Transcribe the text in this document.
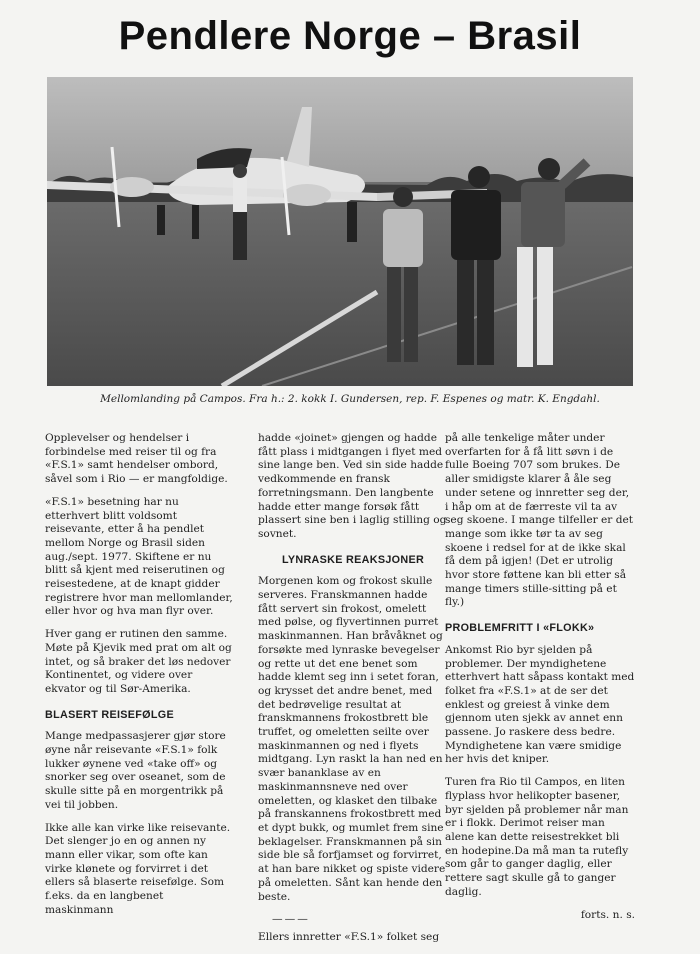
Pendlere Norge – Brasil
Mellomlanding på Campos. Fra h.: 2. kokk I. Gundersen, rep. F. Espenes og matr. K. Engdahl.

Opplevelser og hendelser i forbindelse med reiser til og fra «F.S.1» samt hendelser ombord, såvel som i Rio — er mangfoldige.

«F.S.1» besetning har nu etterhvert blitt voldsomt reisevante, etter å ha pendlet mellom Norge og Brasil siden aug./sept. 1977. Skiftene er nu blitt så kjent med reiserutinen og reisestedene, at de knapt gidder registrere hvor man mellomlander, eller hvor og hva man flyr over.

Hver gang er rutinen den samme. Møte på Kjevik med prat om alt og intet, og så braker det løs nedover Kontinentet, og videre over ekvator og til Sør-Amerika.

BLASERT REISEFØLGE

Mange medpassasjerer gjør store øyne når reisevante «F.S.1» folk lukker øynene ved «take off» og snorker seg over oseanet, som de skulle sitte på en morgentrikk på vei til jobben.

Ikke alle kan virke like reisevante. Det slenger jo en og annen ny mann eller vikar, som ofte kan virke klønete og forvirret i det ellers så blaserte reisefølge. Som f.eks. da en langbenet maskinmann

hadde «joinet» gjengen og hadde fått plass i midtgangen i flyet med sine lange ben. Ved sin side hadde vedkommende en fransk forretningsmann. Den langbente hadde etter mange forsøk fått plassert sine ben i laglig stilling og sovnet.

LYNRASKE REAKSJONER

Morgenen kom og frokost skulle serveres. Franskmannen hadde fått servert sin frokost, omelett med pølse, og flyvertinnen purret maskinmannen. Han bråvåknet og forsøkte med lynraske bevegelser og rette ut det ene benet som hadde klemt seg inn i setet foran, og krysset det andre benet, med det bedrøvelige resultat at franskmannens frokostbrett ble truffet, og omeletten seilte over maskinmannen og ned i flyets midtgang. Lyn raskt la han ned en svær bananklase av en maskinmannsneve ned over omeletten, og klasket den tilbake på franskannens frokostbrett med et dypt bukk, og mumlet frem sine beklagelser. Franskmannen på sin side ble så forfjamset og forvirret, at han bare nikket og spiste videre på omeletten. Sånt kan hende den beste.

———

Ellers innretter «F.S.1» folket seg

på alle tenkelige måter under overfarten for å få litt søvn i de fulle Boeing 707 som brukes. De aller smidigste klarer å åle seg under setene og innretter seg der, i håp om at de færreste vil ta av seg skoene. I mange tilfeller er det mange som ikke tør ta av seg skoene i redsel for at de ikke skal få dem på igjen! (Det er utrolig hvor store føttene kan bli etter så mange timers stille-sitting på et fly.)

PROBLEMFRITT I «FLOKK»

Ankomst Rio byr sjelden på problemer. Der myndighetene etterhvert hatt såpass kontakt med folket fra «F.S.1» at de ser det enklest og greiest å vinke dem gjennom uten sjekk av annet enn passene. Jo raskere dess bedre. Myndighetene kan være smidige her hvis det kniper.

Turen fra Rio til Campos, en liten flyplass hvor helikopter basener, byr sjelden på problemer når man er i flokk. Derimot reiser man alene kan dette reisestrekket bli en hodepine.Da må man ta rutefly som går to ganger daglig, eller rettere sagt skulle gå to ganger daglig.

forts. n. s.
